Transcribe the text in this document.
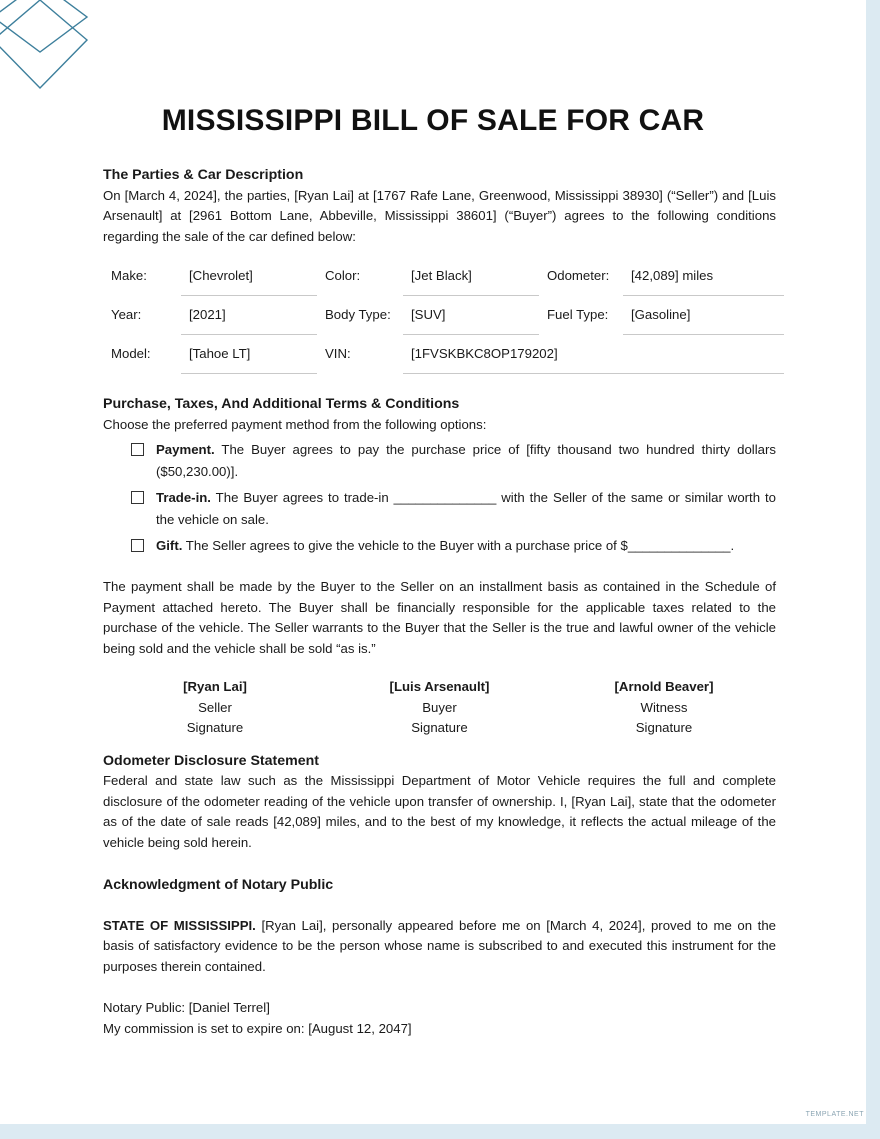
MISSISSIPPI BILL OF SALE FOR CAR

The Parties & Car Description

On [March 4, 2024], the parties, [Ryan Lai] at [1767 Rafe Lane, Greenwood, Mississippi 38930] (“Seller”) and [Luis Arsenault] at [2961 Bottom Lane, Abbeville, Mississippi 38601] (“Buyer”) agrees to the following conditions regarding the sale of the car defined below:

Make:	[Chevrolet]	Color:	[Jet Black]	Odometer:	[42,089] miles
Year:	[2021]	Body Type:	[SUV]	Fuel Type:	[Gasoline]
Model:	[Tahoe LT]	VIN:	[1FVSKBKC8OP179202]		

Purchase, Taxes, And Additional Terms & Conditions

Choose the preferred payment method from the following options:

Payment. The Buyer agrees to pay the purchase price of [fifty thousand two hundred thirty dollars ($50,230.00)].
Trade-in. The Buyer agrees to trade-in ______________ with the Seller of the same or similar worth to the vehicle on sale.
Gift. The Seller agrees to give the vehicle to the Buyer with a purchase price of $______________.

The payment shall be made by the Buyer to the Seller on an installment basis as contained in the Schedule of Payment attached hereto. The Buyer shall be financially responsible for the applicable taxes related to the purchase of the vehicle. The Seller warrants to the Buyer that the Seller is the true and lawful owner of the vehicle being sold and the vehicle shall be sold “as is.”

[Ryan Lai]
Seller
Signature
[Luis Arsenault]
Buyer
Signature
[Arnold Beaver]
Witness
Signature

Odometer Disclosure Statement

Federal and state law such as the Mississippi Department of Motor Vehicle requires the full and complete disclosure of the odometer reading of the vehicle upon transfer of ownership. I, [Ryan Lai], state that the odometer as of the date of sale reads [42,089] miles, and to the best of my knowledge, it reflects the actual mileage of the vehicle being sold herein.

Acknowledgment of Notary Public

STATE OF MISSISSIPPI. [Ryan Lai], personally appeared before me on [March 4, 2024], proved to me on the basis of satisfactory evidence to be the person whose name is subscribed to and executed this instrument for the purposes therein contained.

Notary Public: [Daniel Terrel]

My commission is set to expire on: [August 12, 2047]

TEMPLATE.NET
